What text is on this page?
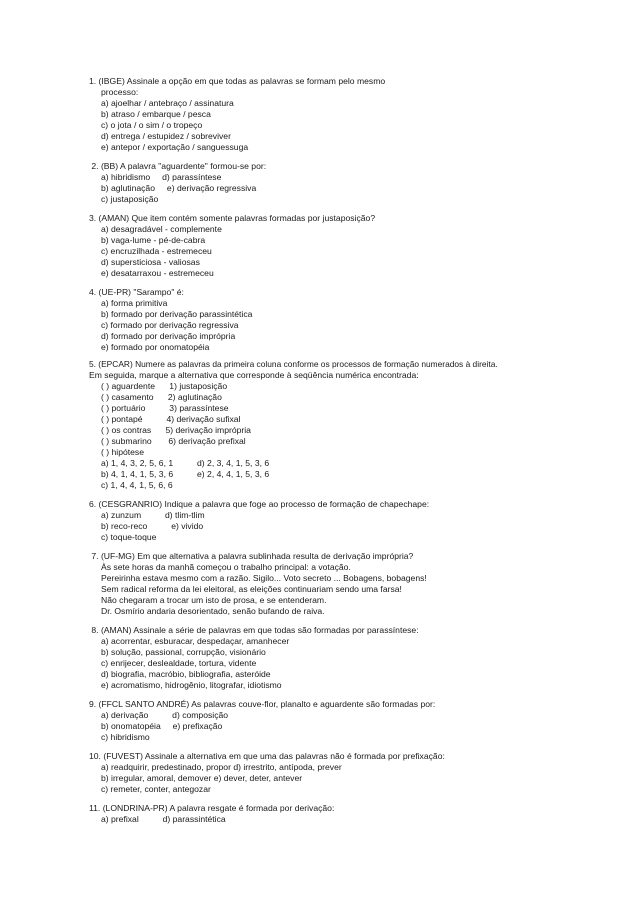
1. (IBGE) Assinale a opção em que todas as palavras se formam pelo mesmo
processo:
a) ajoelhar / antebraço / assinatura
b) atraso / embarque / pesca
c) o jota / o sim / o tropeço
d) entrega / estupidez / sobreviver
e) antepor / exportação / sanguessuga
2. (BB) A palavra "aguardente" formou-se por:
a) hibridismo     d) parassíntese
b) aglutinação     e) derivação regressiva
c) justaposição
3. (AMAN) Que item contém somente palavras formadas por justaposição?
a) desagradável - complemente
b) vaga-lume - pé-de-cabra
c) encruzilhada - estremeceu
d) supersticiosa - valiosas
e) desatarraxou - estremeceu
4. (UE-PR) "Sarampo" é:
a) forma primitiva
b) formado por derivação parassintética
c) formado por derivação regressiva
d) formado por derivação imprópria
e) formado por onomatopéia
5. (EPCAR) Numere as palavras da primeira coluna conforme os processos de formação numerados à direita.
Em seguida, marque a alternativa que corresponde à seqüência numérica encontrada:
( ) aguardente      1) justaposição
( ) casamento      2) aglutinação
( ) portuário          3) parassíntese
( ) pontapé          4) derivação sufixal
( ) os contras      5) derivação imprópria
( ) submarino       6) derivação prefixal
( ) hipótese
a) 1, 4, 3, 2, 5, 6, 1          d) 2, 3, 4, 1, 5, 3, 6
b) 4, 1, 4, 1, 5, 3, 6          e) 2, 4, 4, 1, 5, 3, 6
c) 1, 4, 4, 1, 5, 6, 6
6. (CESGRANRIO) Indique a palavra que foge ao processo de formação de chapechape:
a) zunzum          d) tlim-tlim
b) reco-reco          e) vivido
c) toque-toque
7. (UF-MG) Em que alternativa a palavra sublinhada resulta de derivação imprópria?
Às sete horas da manhã começou o trabalho principal: a votação.
Pereirinha estava mesmo com a razão. Sigilo... Voto secreto ... Bobagens, bobagens!
Sem radical reforma da lei eleitoral, as eleições continuariam sendo uma farsa!
Não chegaram a trocar um isto de prosa, e se entenderam.
Dr. Osmírio andaria desorientado, senão bufando de raiva.
8. (AMAN) Assinale a série de palavras em que todas são formadas por parassíntese:
a) acorrentar, esburacar, despedaçar, amanhecer
b) solução, passional, corrupção, visionário
c) enrijecer, deslealdade, tortura, vidente
d) biografia, macróbio, bibliografia, asteróide
e) acromatismo, hidrogênio, litografar, idiotismo
9. (FFCL SANTO ANDRÉ) As palavras couve-flor, planalto e aguardente são formadas por:
a) derivação          d) composição
b) onomatopéia     e) prefixação
c) hibridismo
10. (FUVEST) Assinale a alternativa em que uma das palavras não é formada por prefixação:
a) readquirir, predestinado, propor d) irrestrito, antípoda, prever
b) irregular, amoral, demover e) dever, deter, antever
c) remeter, conter, antegozar
11. (LONDRINA-PR) A palavra resgate é formada por derivação:
a) prefixal          d) parassintética
